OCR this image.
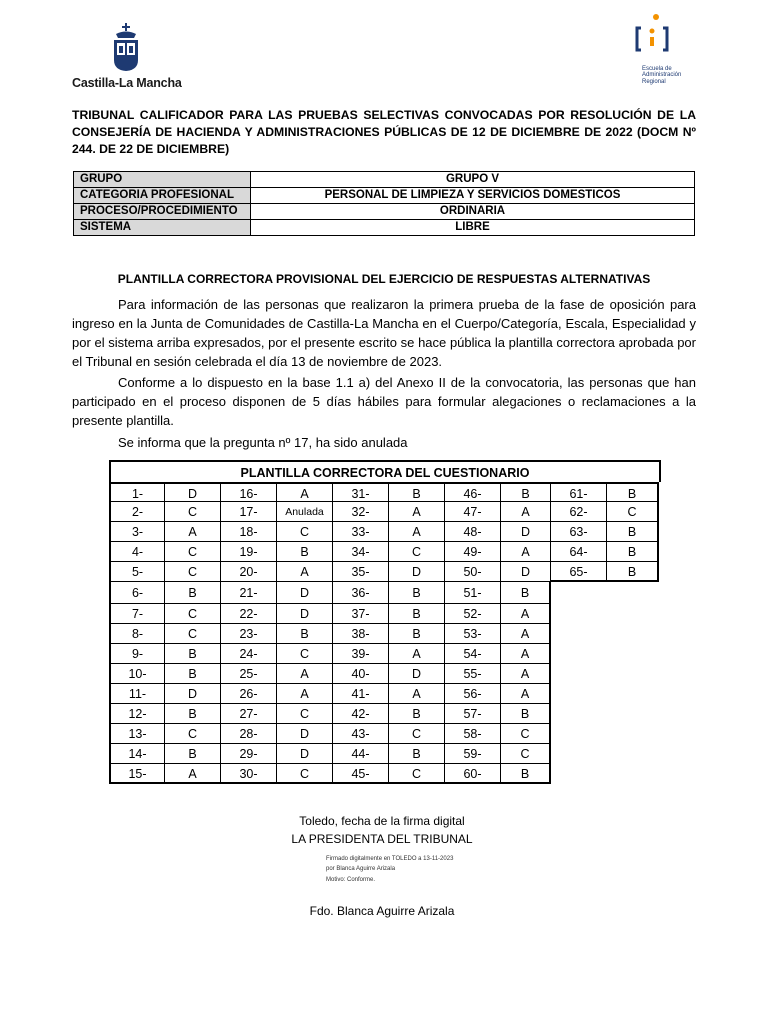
Castilla-La Mancha
Escuela de
Administración
Regional
TRIBUNAL CALIFICADOR PARA LAS PRUEBAS SELECTIVAS CONVOCADAS POR RESOLUCIÓN DE LA CONSEJERÍA DE HACIENDA Y ADMINISTRACIONES PÚBLICAS DE 12 DE DICIEMBRE DE 2022 (DOCM Nº 244. DE 22 DE DICIEMBRE)
GRUPO	GRUPO V
CATEGORIA PROFESIONAL	PERSONAL DE LIMPIEZA Y SERVICIOS DOMESTICOS
PROCESO/PROCEDIMIENTO	ORDINARIA
SISTEMA	LIBRE
PLANTILLA CORRECTORA PROVISIONAL DEL EJERCICIO DE RESPUESTAS ALTERNATIVAS
Para información de las personas que realizaron la primera prueba de la fase de oposición para ingreso en la Junta de Comunidades de Castilla-La Mancha en el Cuerpo/Categoría, Escala, Especialidad y por el sistema arriba expresados, por el presente escrito se hace pública la plantilla correctora aprobada por el Tribunal en sesión celebrada el día 13 de noviembre de 2023.
Conforme a lo dispuesto en la base 1.1 a) del Anexo II de la convocatoria, las personas que han participado en el proceso disponen de 5 días hábiles para formular alegaciones o reclamaciones a la presente plantilla.
Se informa que la pregunta nº 17, ha sido anulada
PLANTILLA CORRECTORA DEL CUESTIONARIO
1-	D
2-	C
3-	A
4-	C
5-	C
6-	B
7-	C
8-	C
9-	B
10-	B
11-	D
12-	B
13-	C
14-	B
15-	A
16-	A
17-	Anulada
18-	C
19-	B
20-	A
21-	D
22-	D
23-	B
24-	C
25-	A
26-	A
27-	C
28-	D
29-	D
30-	C
31-	B
32-	A
33-	A
34-	C
35-	D
36-	B
37-	B
38-	B
39-	A
40-	D
41-	A
42-	B
43-	C
44-	B
45-	C
46-	B
47-	A
48-	D
49-	A
50-	D
51-	B
52-	A
53-	A
54-	A
55-	A
56-	A
57-	B
58-	C
59-	C
60-	B
61-	B
62-	C
63-	B
64-	B
65-	B
Toledo, fecha de la firma digital
LA PRESIDENTA DEL TRIBUNAL
Firmado digitalmente en TOLEDO a 13-11-2023
por Blanca Aguirre Arizala
Motivo: Conforme.
Fdo. Blanca Aguirre Arizala
